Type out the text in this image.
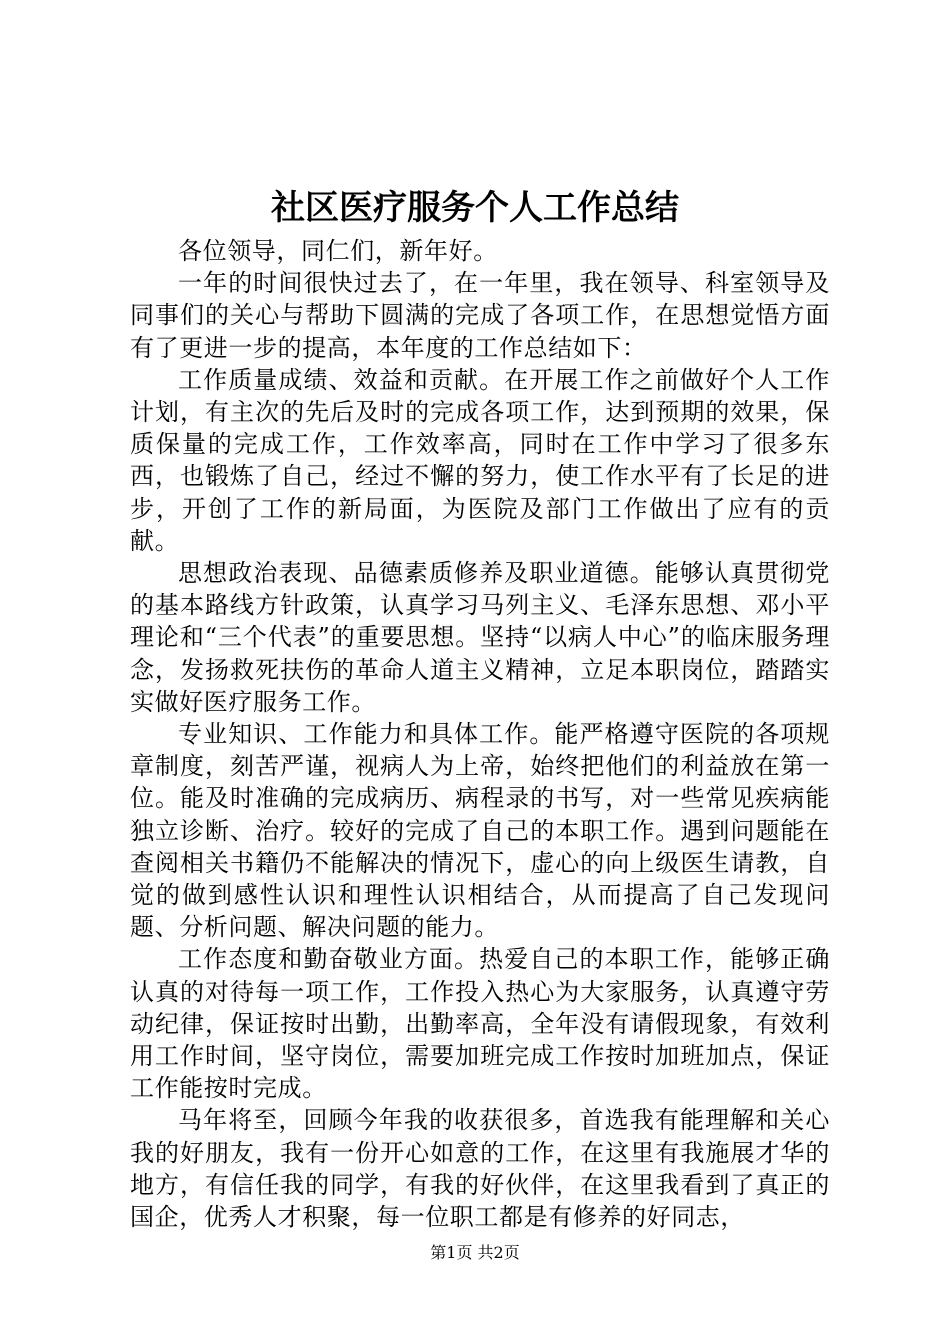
社区医疗服务个人工作总结

各位领导，同仁们，新年好。

一年的时间很快过去了，在一年里，我在领导、科室领导及同事们的关心与帮助下圆满的完成了各项工作，在思想觉悟方面有了更进一步的提高，本年度的工作总结如下：

工作质量成绩、效益和贡献。在开展工作之前做好个人工作计划，有主次的先后及时的完成各项工作，达到预期的效果，保质保量的完成工作，工作效率高，同时在工作中学习了很多东西，也锻炼了自己，经过不懈的努力，使工作水平有了长足的进步，开创了工作的新局面，为医院及部门工作做出了应有的贡献。

思想政治表现、品德素质修养及职业道德。能够认真贯彻党的基本路线方针政策，认真学习马列主义、毛泽东思想、邓小平理论和“三个代表”的重要思想。坚持“以病人中心”的临床服务理念，发扬救死扶伤的革命人道主义精神，立足本职岗位，踏踏实实做好医疗服务工作。

专业知识、工作能力和具体工作。能严格遵守医院的各项规章制度，刻苦严谨，视病人为上帝，始终把他们的利益放在第一位。能及时准确的完成病历、病程录的书写，对一些常见疾病能独立诊断、治疗。较好的完成了自己的本职工作。遇到问题能在查阅相关书籍仍不能解决的情况下，虚心的向上级医生请教，自觉的做到感性认识和理性认识相结合，从而提高了自己发现问题、分析问题、解决问题的能力。

工作态度和勤奋敬业方面。热爱自己的本职工作，能够正确认真的对待每一项工作，工作投入热心为大家服务，认真遵守劳动纪律，保证按时出勤，出勤率高，全年没有请假现象，有效利用工作时间，坚守岗位，需要加班完成工作按时加班加点，保证工作能按时完成。

马年将至，回顾今年我的收获很多，首选我有能理解和关心我的好朋友，我有一份开心如意的工作，在这里有我施展才华的地方，有信任我的同学，有我的好伙伴，在这里我看到了真正的国企，优秀人才积聚，每一位职工都是有修养的好同志，

第1页 共2页
